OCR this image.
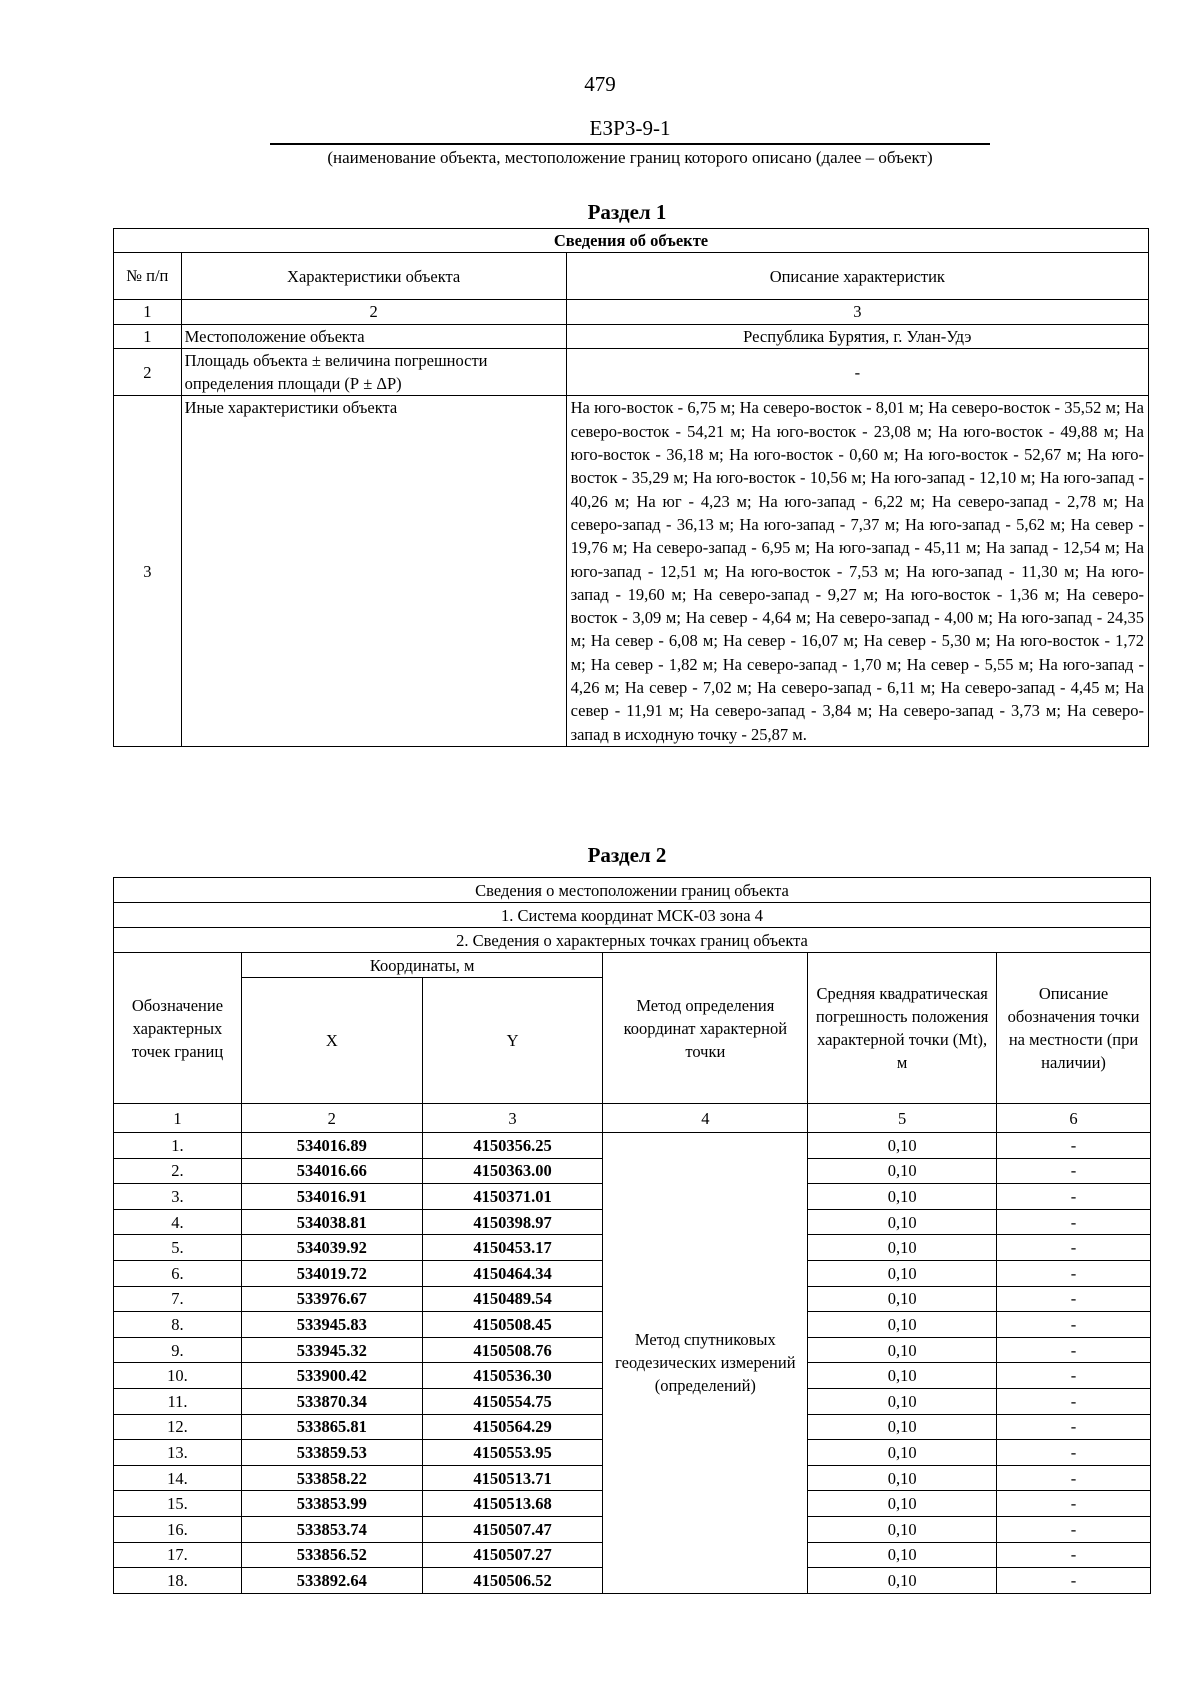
479
ЕЗРЗ-9-1
(наименование объекта, местоположение границ которого описано (далее – объект)
Раздел 1
Сведения об объекте		
№ п/п	Характеристики объекта	Описание характеристик
1	2	3
1	Местоположение объекта	Республика Бурятия, г. Улан-Удэ
2	Площадь объекта ± величина погрешности определения площади (Р ± ΔР)	-
3	Иные характеристики объекта	На юго-восток - 6,75 м; На северо-восток - 8,01 м; На северо-восток - 35,52 м; На северо-восток - 54,21 м; На юго-восток - 23,08 м; На юго-восток - 49,88 м; На юго-восток - 36,18 м; На юго-восток - 0,60 м; На юго-восток - 52,67 м; На юго-восток - 35,29 м; На юго-восток - 10,56 м; На юго-запад - 12,10 м; На юго-запад - 40,26 м; На юг - 4,23 м; На юго-запад - 6,22 м; На северо-запад - 2,78 м; На северо-запад - 36,13 м; На юго-запад - 7,37 м; На юго-запад - 5,62 м; На север - 19,76 м; На северо-запад - 6,95 м; На юго-запад - 45,11 м; На запад - 12,54 м; На юго-запад - 12,51 м; На юго-восток - 7,53 м; На юго-запад - 11,30 м; На юго-запад - 19,60 м; На северо-запад - 9,27 м; На юго-восток - 1,36 м; На северо-восток - 3,09 м; На север - 4,64 м; На северо-запад - 4,00 м; На юго-запад - 24,35 м; На север - 6,08 м; На север - 16,07 м; На север - 5,30 м; На юго-восток - 1,72 м; На север - 1,82 м; На северо-запад - 1,70 м; На север - 5,55 м; На юго-запад - 4,26 м; На север - 7,02 м; На северо-запад - 6,11 м; На северо-запад - 4,45 м; На север - 11,91 м; На северо-запад - 3,84 м; На северо-запад - 3,73 м; На северо-запад в исходную точку - 25,87 м.
Раздел 2
Сведения о местоположении границ объекта					
1. Система координат МСК-03 зона 4					
2. Сведения о характерных точках границ объекта					
Обозначение характерных точек границ	Координаты, м		Метод определения координат характерной точки	Средняя квадратическая погрешность положения характерной точки (Мt), м	Описание обозначения точки на местности (при наличии)
	X	Y			
1	2	3	4	5	6
1.	534016.89	4150356.25	Метод спутниковых геодезических измерений (определений)	0,10	-
2.	534016.66	4150363.00		0,10	-
3.	534016.91	4150371.01		0,10	-
4.	534038.81	4150398.97		0,10	-
5.	534039.92	4150453.17		0,10	-
6.	534019.72	4150464.34		0,10	-
7.	533976.67	4150489.54		0,10	-
8.	533945.83	4150508.45		0,10	-
9.	533945.32	4150508.76		0,10	-
10.	533900.42	4150536.30		0,10	-
11.	533870.34	4150554.75		0,10	-
12.	533865.81	4150564.29		0,10	-
13.	533859.53	4150553.95		0,10	-
14.	533858.22	4150513.71		0,10	-
15.	533853.99	4150513.68		0,10	-
16.	533853.74	4150507.47		0,10	-
17.	533856.52	4150507.27		0,10	-
18.	533892.64	4150506.52		0,10	-
